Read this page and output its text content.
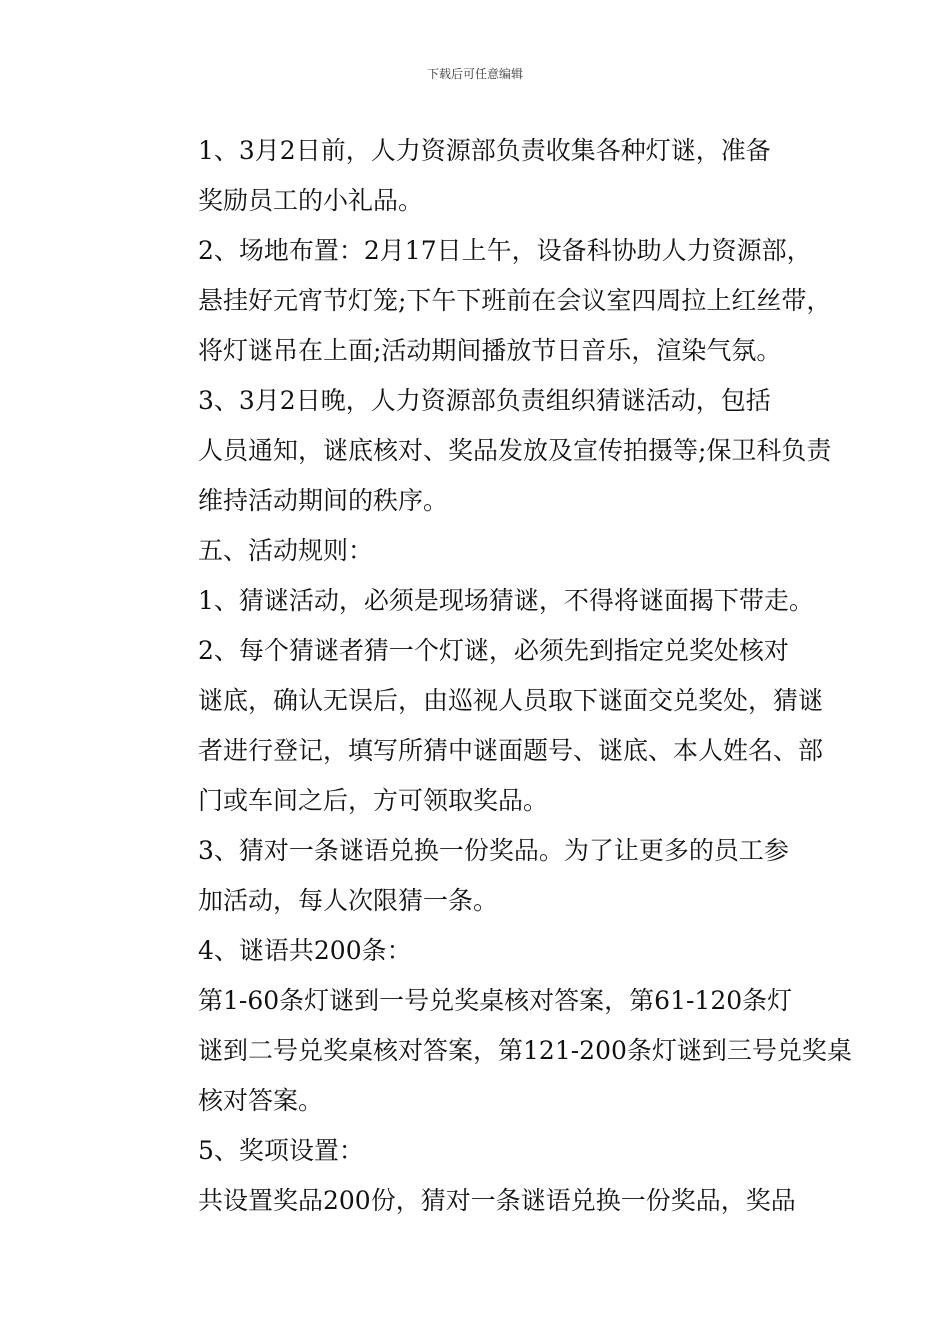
下载后可任意编辑

1、3月2日前，人力资源部负责收集各种灯谜，准备
奖励员工的小礼品。

2、场地布置：2月17日上午，设备科协助人力资源部，
悬挂好元宵节灯笼;下午下班前在会议室四周拉上红丝带，
将灯谜吊在上面;活动期间播放节日音乐，渲染气氛。

3、3月2日晚，人力资源部负责组织猜谜活动，包括
人员通知，谜底核对、奖品发放及宣传拍摄等;保卫科负责
维持活动期间的秩序。

五、活动规则：

1、猜谜活动，必须是现场猜谜，不得将谜面揭下带走。

2、每个猜谜者猜一个灯谜，必须先到指定兑奖处核对
谜底，确认无误后，由巡视人员取下谜面交兑奖处，猜谜
者进行登记，填写所猜中谜面题号、谜底、本人姓名、部
门或车间之后，方可领取奖品。

3、猜对一条谜语兑换一份奖品。为了让更多的员工参
加活动，每人次限猜一条。

4、谜语共200条：

第1-60条灯谜到一号兑奖桌核对答案，第61-120条灯
谜到二号兑奖桌核对答案，第121-200条灯谜到三号兑奖桌
核对答案。

5、奖项设置：

共设置奖品200份，猜对一条谜语兑换一份奖品，奖品
